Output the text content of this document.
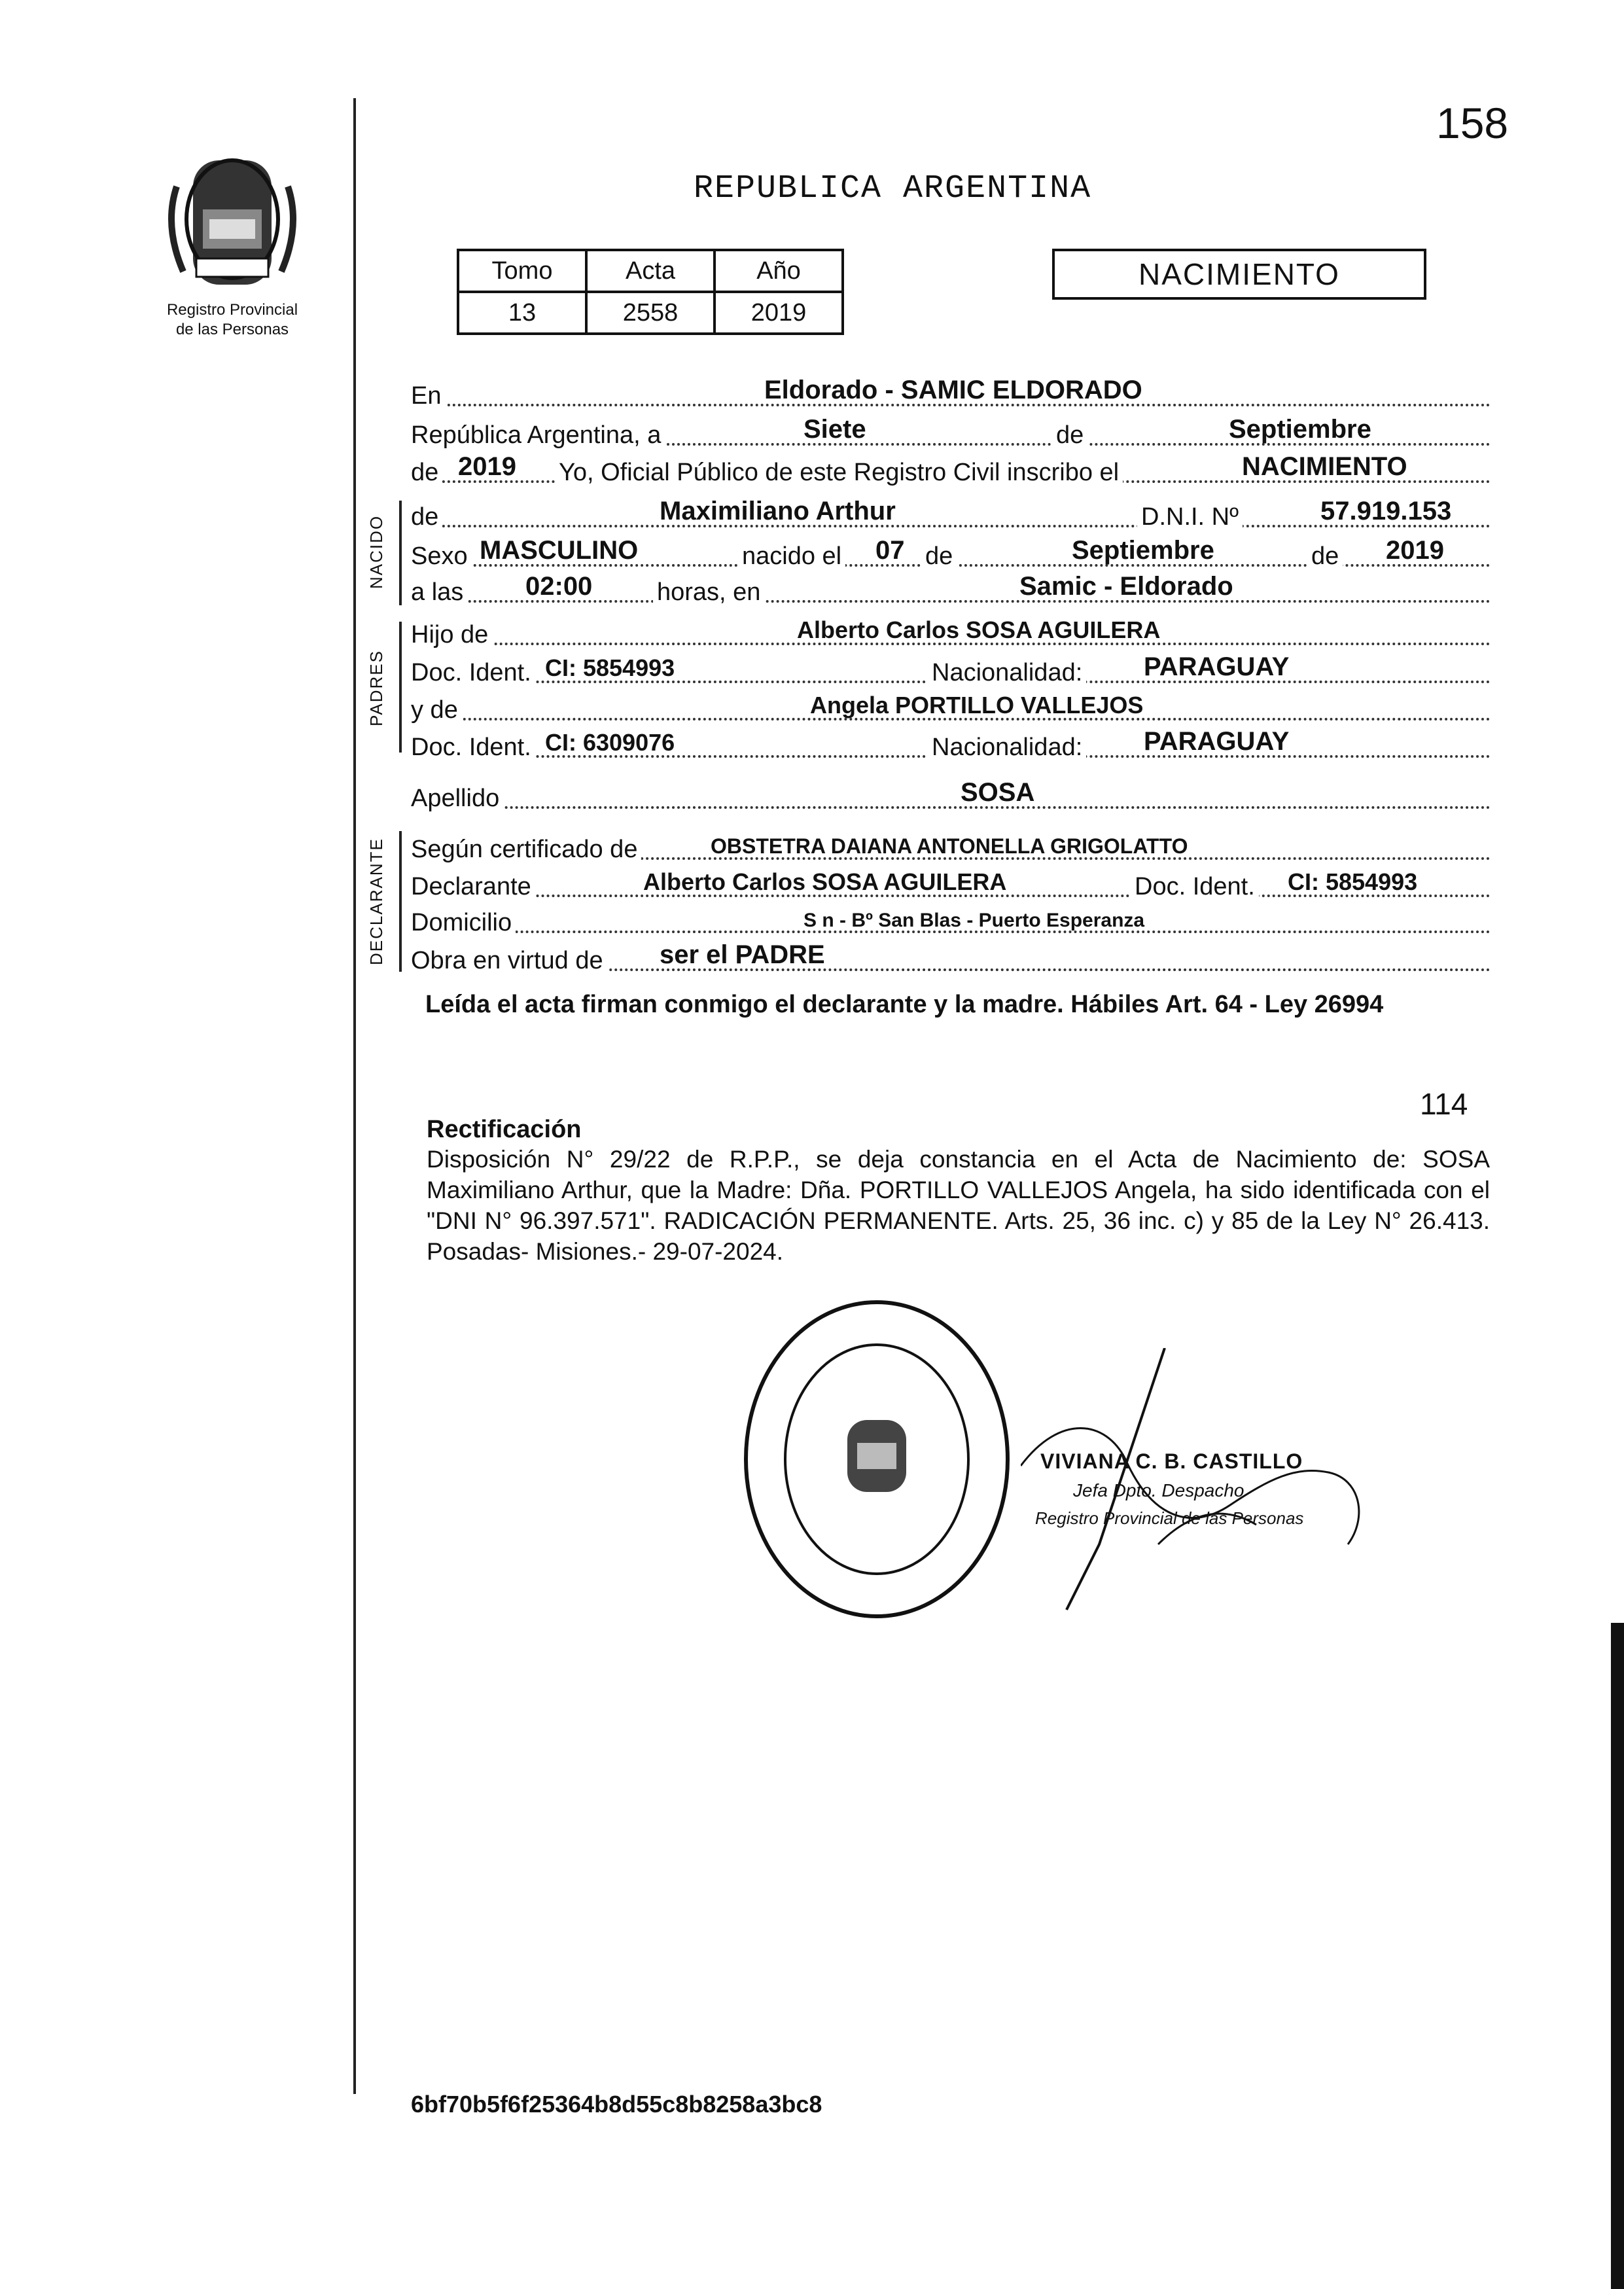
158
Registro Provincial
de las Personas
REPUBLICA ARGENTINA
Tomo	Acta	Año
13	2558	2019
NACIMIENTO
NACIDO
PADRES
DECLARANTE
En	Eldorado - SAMIC ELDORADO
República Argentina, a	Siete	de	Septiembre
de 2019 Yo, Oficial Público de este Registro Civil inscribo el	NACIMIENTO
de	Maximiliano Arthur	D.N.I. Nº	57.919.153
Sexo MASCULINO	nacido el 07 de	Septiembre	de 2019
a las 02:00	horas, en	Samic - Eldorado
Hijo de	Alberto Carlos SOSA AGUILERA
Doc. Ident. CI: 5854993	Nacionalidad: PARAGUAY
y de	Angela PORTILLO VALLEJOS
Doc. Ident. CI: 6309076	Nacionalidad: PARAGUAY
Apellido	SOSA
Según certificado de	OBSTETRA DAIANA ANTONELLA GRIGOLATTO
Declarante	Alberto Carlos SOSA AGUILERA	Doc. Ident. CI: 5854993
Domicilio	S n - Bº San Blas - Puerto Esperanza
Obra en virtud de ser el PADRE
Leída el acta firman conmigo el declarante y la madre. Hábiles Art. 64 - Ley 26994
114
Rectificación
Disposición N° 29/22 de R.P.P., se deja constancia en el Acta de Nacimiento de: SOSA Maximiliano Arthur, que la Madre: Dña. PORTILLO VALLEJOS Angela, ha sido identificada con el "DNI N° 96.397.571". RADICACIÓN PERMANENTE. Arts. 25, 36 inc. c) y 85 de la Ley N° 26.413. Posadas- Misiones.- 29-07-2024.
VIVIANA C. B. CASTILLO
Jefa Dpto. Despacho
Registro Provincial de las Personas
6bf70b5f6f25364b8d55c8b8258a3bc8
